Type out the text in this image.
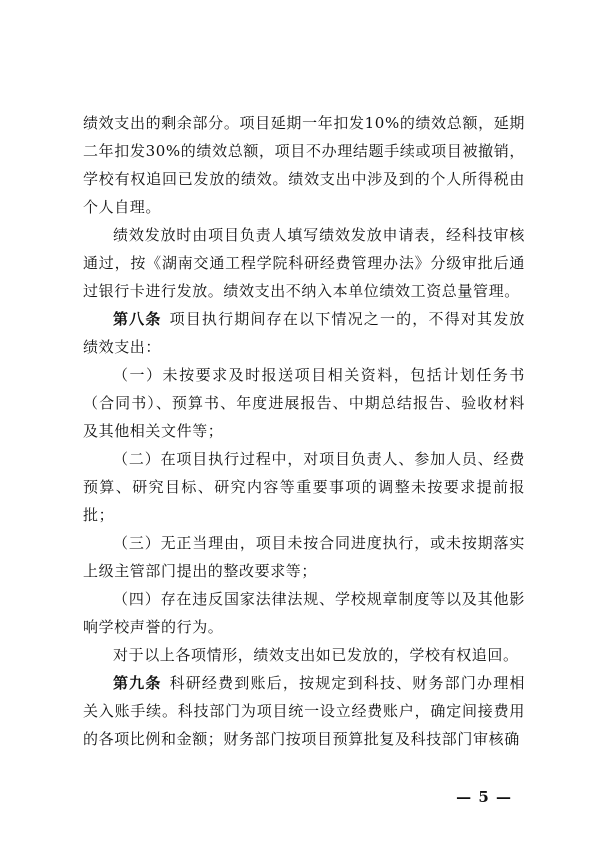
绩效支出的剩余部分。项目延期一年扣发10%的绩效总额，延期二年扣发30%的绩效总额，项目不办理结题手续或项目被撤销，学校有权追回已发放的绩效。绩效支出中涉及到的个人所得税由个人自理。

绩效发放时由项目负责人填写绩效发放申请表，经科技审核通过，按《湖南交通工程学院科研经费管理办法》分级审批后通过银行卡进行发放。绩效支出不纳入本单位绩效工资总量管理。

第八条 项目执行期间存在以下情况之一的，不得对其发放绩效支出：

（一）未按要求及时报送项目相关资料，包括计划任务书（合同书）、预算书、年度进展报告、中期总结报告、验收材料及其他相关文件等；

（二）在项目执行过程中，对项目负责人、参加人员、经费预算、研究目标、研究内容等重要事项的调整未按要求提前报批；

（三）无正当理由，项目未按合同进度执行，或未按期落实上级主管部门提出的整改要求等；

（四）存在违反国家法律法规、学校规章制度等以及其他影响学校声誉的行为。

对于以上各项情形，绩效支出如已发放的，学校有权追回。

第九条 科研经费到账后，按规定到科技、财务部门办理相关入账手续。科技部门为项目统一设立经费账户，确定间接费用的各项比例和金额；财务部门按项目预算批复及科技部门审核确

— 5 —
